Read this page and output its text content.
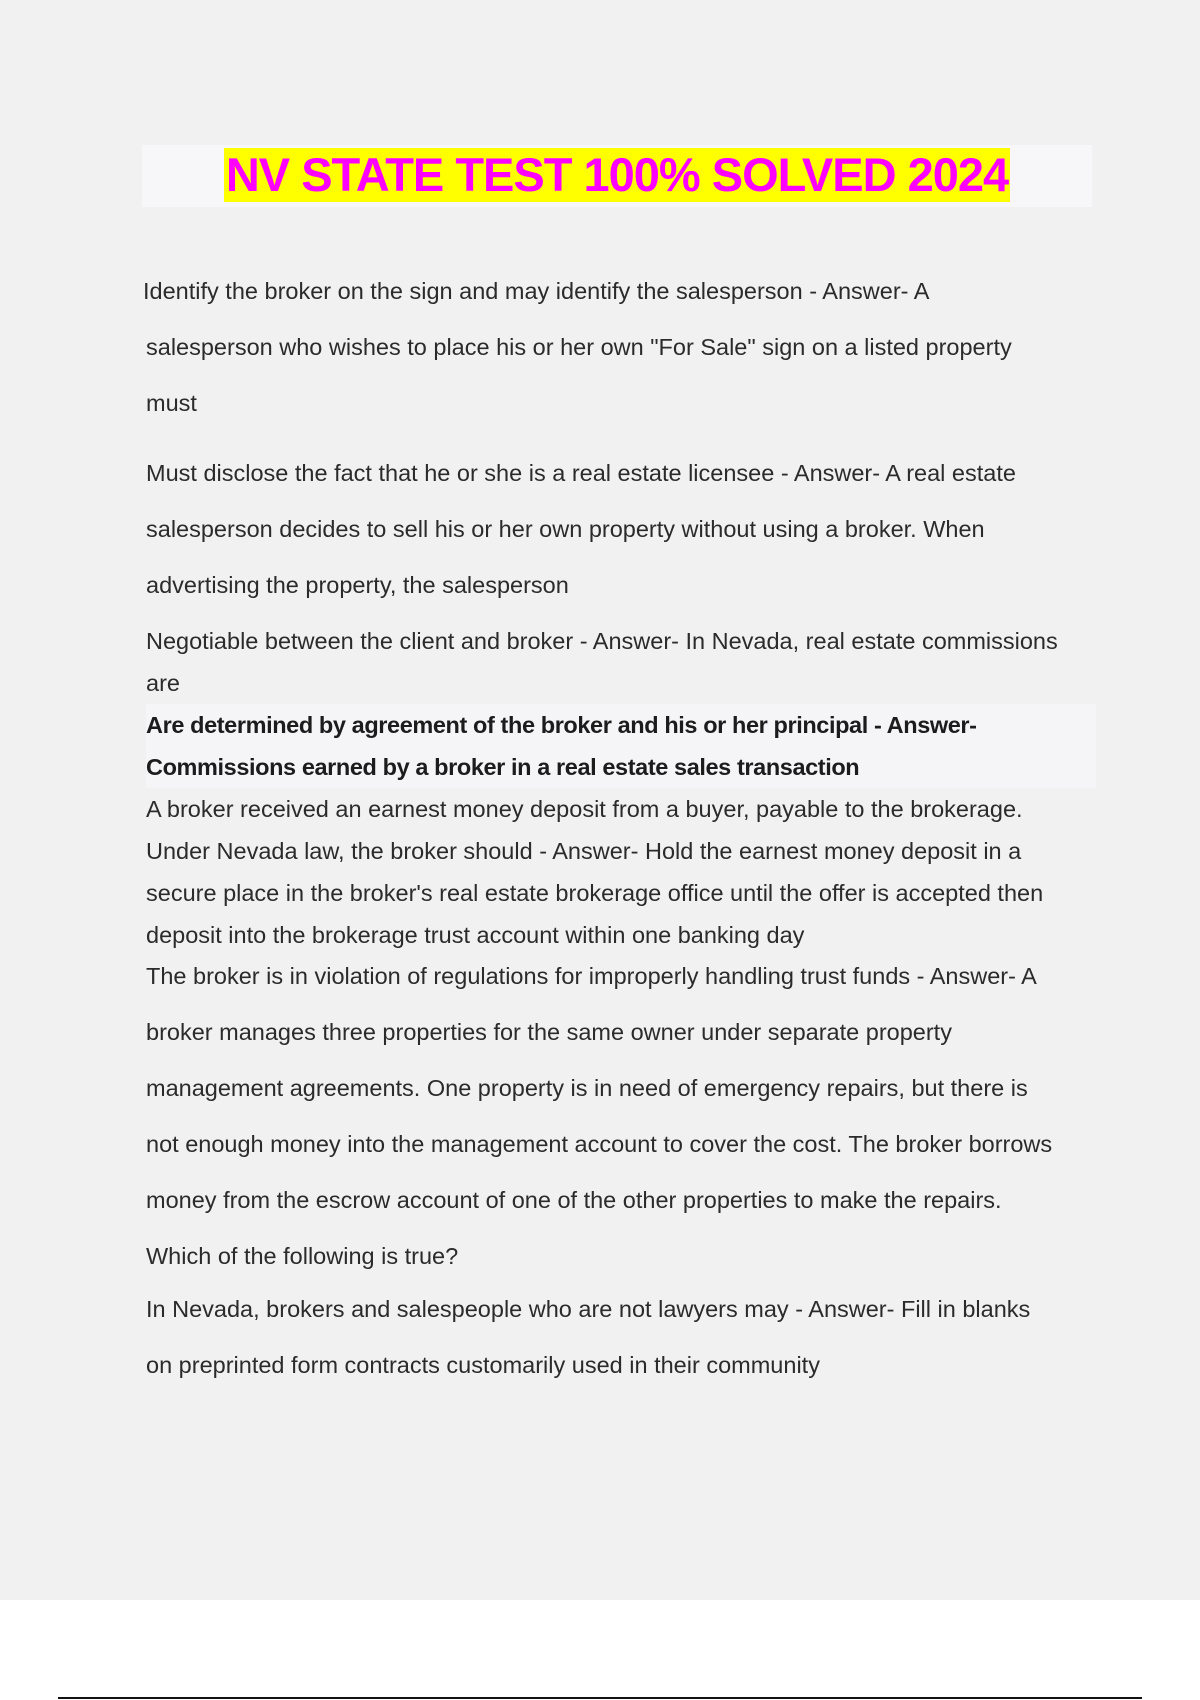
NV STATE TEST 100% SOLVED 2024
Identify the broker on the sign and may identify the salesperson - Answer- A
salesperson who wishes to place his or her own "For Sale" sign on a listed property
must
Must disclose the fact that he or she is a real estate licensee - Answer- A real estate
salesperson decides to sell his or her own property without using a broker. When
advertising the property, the salesperson
Negotiable between the client and broker - Answer- In Nevada, real estate commissions
are
Are determined by agreement of the broker and his or her principal - Answer-
Commissions earned by a broker in a real estate sales transaction
A broker received an earnest money deposit from a buyer, payable to the brokerage.
Under Nevada law, the broker should - Answer- Hold the earnest money deposit in a
secure place in the broker's real estate brokerage office until the offer is accepted then
deposit into the brokerage trust account within one banking day
The broker is in violation of regulations for improperly handling trust funds - Answer- A
broker manages three properties for the same owner under separate property
management agreements. One property is in need of emergency repairs, but there is
not enough money into the management account to cover the cost. The broker borrows
money from the escrow account of one of the other properties to make the repairs.
Which of the following is true?
In Nevada, brokers and salespeople who are not lawyers may - Answer- Fill in blanks
on preprinted form contracts customarily used in their community
